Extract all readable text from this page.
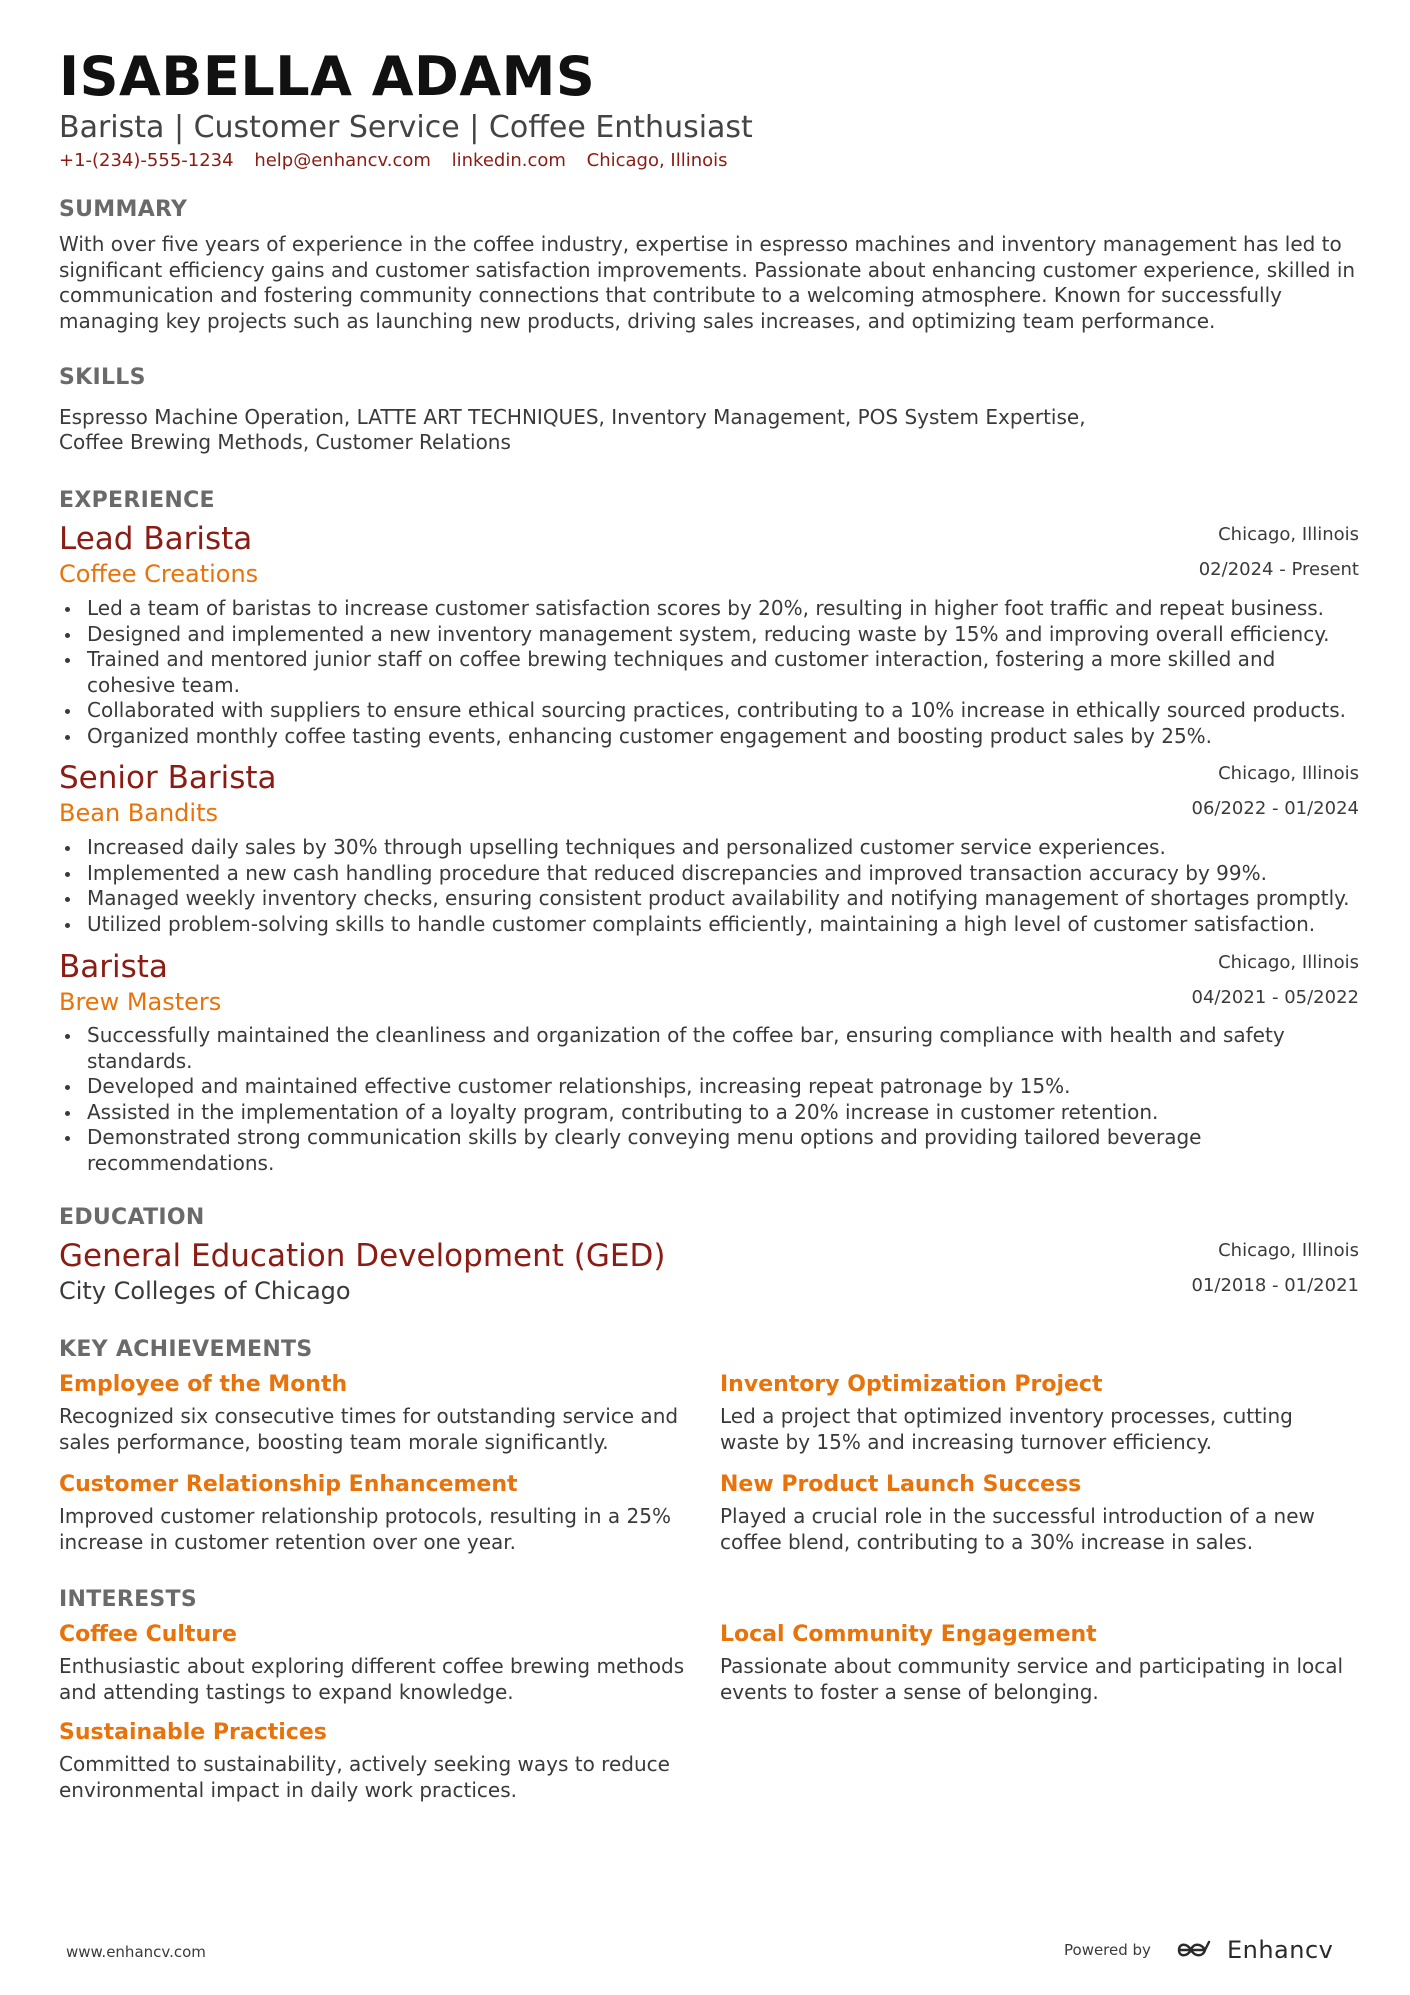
ISABELLA ADAMS
Barista | Customer Service | Coffee Enthusiast
+1-(234)-555-1234 help@enhancv.com linkedin.com Chicago, Illinois
SUMMARY
With over five years of experience in the coffee industry, expertise in espresso machines and inventory management has led to significant efficiency gains and customer satisfaction improvements. Passionate about enhancing customer experience, skilled in communication and fostering community connections that contribute to a welcoming atmosphere. Known for successfully managing key projects such as launching new products, driving sales increases, and optimizing team performance.
SKILLS
Espresso Machine Operation, LATTE ART TECHNIQUES, Inventory Management, POS System Expertise,
Coffee Brewing Methods, Customer Relations
EXPERIENCE
Lead Barista	Chicago, Illinois
Coffee Creations	02/2024 - Present
Led a team of baristas to increase customer satisfaction scores by 20%, resulting in higher foot traffic and repeat business.
Designed and implemented a new inventory management system, reducing waste by 15% and improving overall efficiency.
Trained and mentored junior staff on coffee brewing techniques and customer interaction, fostering a more skilled and cohesive team.
Collaborated with suppliers to ensure ethical sourcing practices, contributing to a 10% increase in ethically sourced products.
Organized monthly coffee tasting events, enhancing customer engagement and boosting product sales by 25%.
Senior Barista	Chicago, Illinois
Bean Bandits	06/2022 - 01/2024
Increased daily sales by 30% through upselling techniques and personalized customer service experiences.
Implemented a new cash handling procedure that reduced discrepancies and improved transaction accuracy by 99%.
Managed weekly inventory checks, ensuring consistent product availability and notifying management of shortages promptly.
Utilized problem-solving skills to handle customer complaints efficiently, maintaining a high level of customer satisfaction.
Barista	Chicago, Illinois
Brew Masters	04/2021 - 05/2022
Successfully maintained the cleanliness and organization of the coffee bar, ensuring compliance with health and safety standards.
Developed and maintained effective customer relationships, increasing repeat patronage by 15%.
Assisted in the implementation of a loyalty program, contributing to a 20% increase in customer retention.
Demonstrated strong communication skills by clearly conveying menu options and providing tailored beverage recommendations.
EDUCATION
General Education Development (GED)	Chicago, Illinois
City Colleges of Chicago	01/2018 - 01/2021
KEY ACHIEVEMENTS
Employee of the Month
Recognized six consecutive times for outstanding service and sales performance, boosting team morale significantly.
Inventory Optimization Project
Led a project that optimized inventory processes, cutting waste by 15% and increasing turnover efficiency.
Customer Relationship Enhancement
Improved customer relationship protocols, resulting in a 25% increase in customer retention over one year.
New Product Launch Success
Played a crucial role in the successful introduction of a new coffee blend, contributing to a 30% increase in sales.
INTERESTS
Coffee Culture
Enthusiastic about exploring different coffee brewing methods and attending tastings to expand knowledge.
Local Community Engagement
Passionate about community service and participating in local events to foster a sense of belonging.
Sustainable Practices
Committed to sustainability, actively seeking ways to reduce environmental impact in daily work practices.
www.enhancv.com	Powered by	Enhancv
